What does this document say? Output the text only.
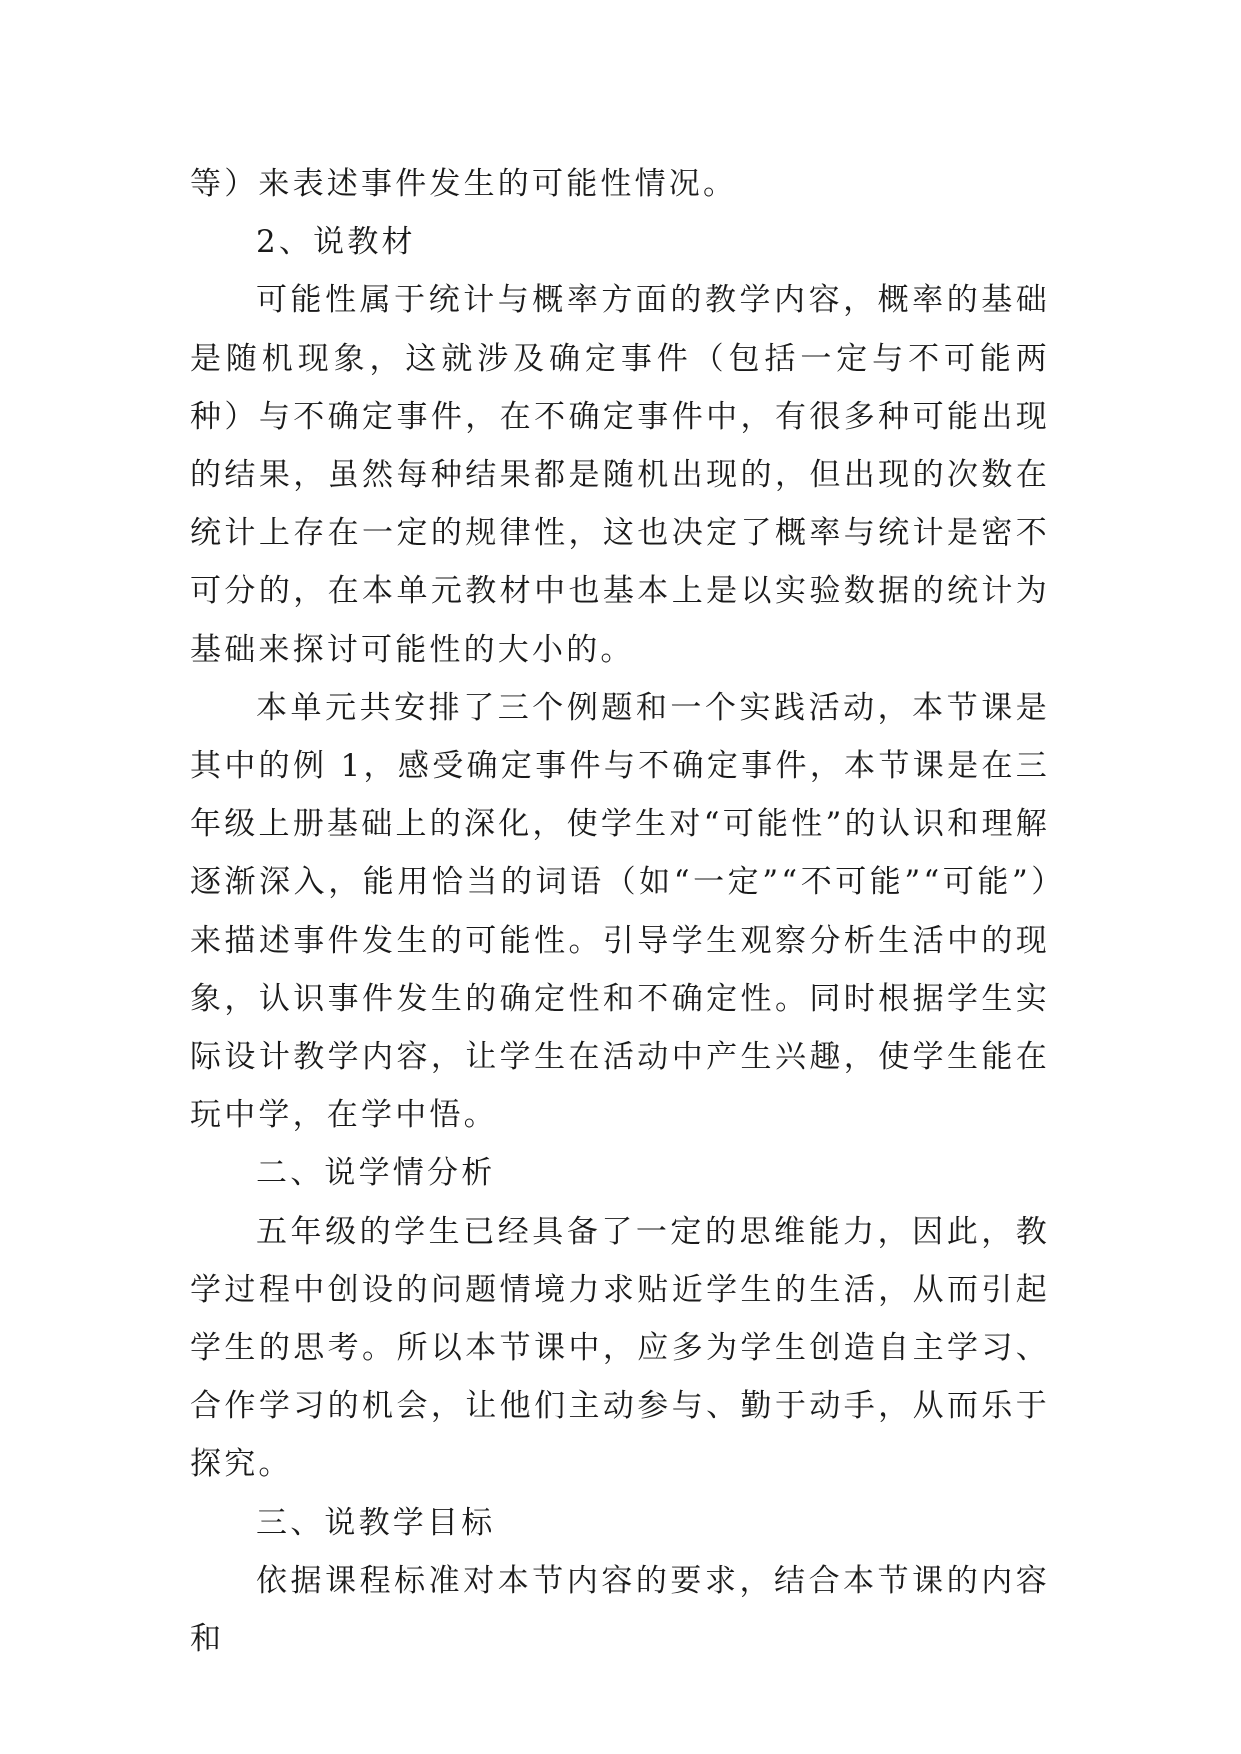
等）来表述事件发生的可能性情况。

2、说教材

可能性属于统计与概率方面的教学内容，概率的基础是随机现象，这就涉及确定事件（包括一定与不可能两种）与不确定事件，在不确定事件中，有很多种可能出现的结果，虽然每种结果都是随机出现的，但出现的次数在统计上存在一定的规律性，这也决定了概率与统计是密不可分的，在本单元教材中也基本上是以实验数据的统计为基础来探讨可能性的大小的。

本单元共安排了三个例题和一个实践活动，本节课是其中的例 1，感受确定事件与不确定事件，本节课是在三年级上册基础上的深化，使学生对“可能性”的认识和理解逐渐深入，能用恰当的词语（如“一定”“不可能”“可能”）来描述事件发生的可能性。引导学生观察分析生活中的现象，认识事件发生的确定性和不确定性。同时根据学生实际设计教学内容，让学生在活动中产生兴趣，使学生能在玩中学，在学中悟。

二、说学情分析

五年级的学生已经具备了一定的思维能力，因此，教学过程中创设的问题情境力求贴近学生的生活，从而引起学生的思考。所以本节课中，应多为学生创造自主学习、合作学习的机会，让他们主动参与、勤于动手，从而乐于探究。

三、说教学目标

依据课程标准对本节内容的要求，结合本节课的内容和
